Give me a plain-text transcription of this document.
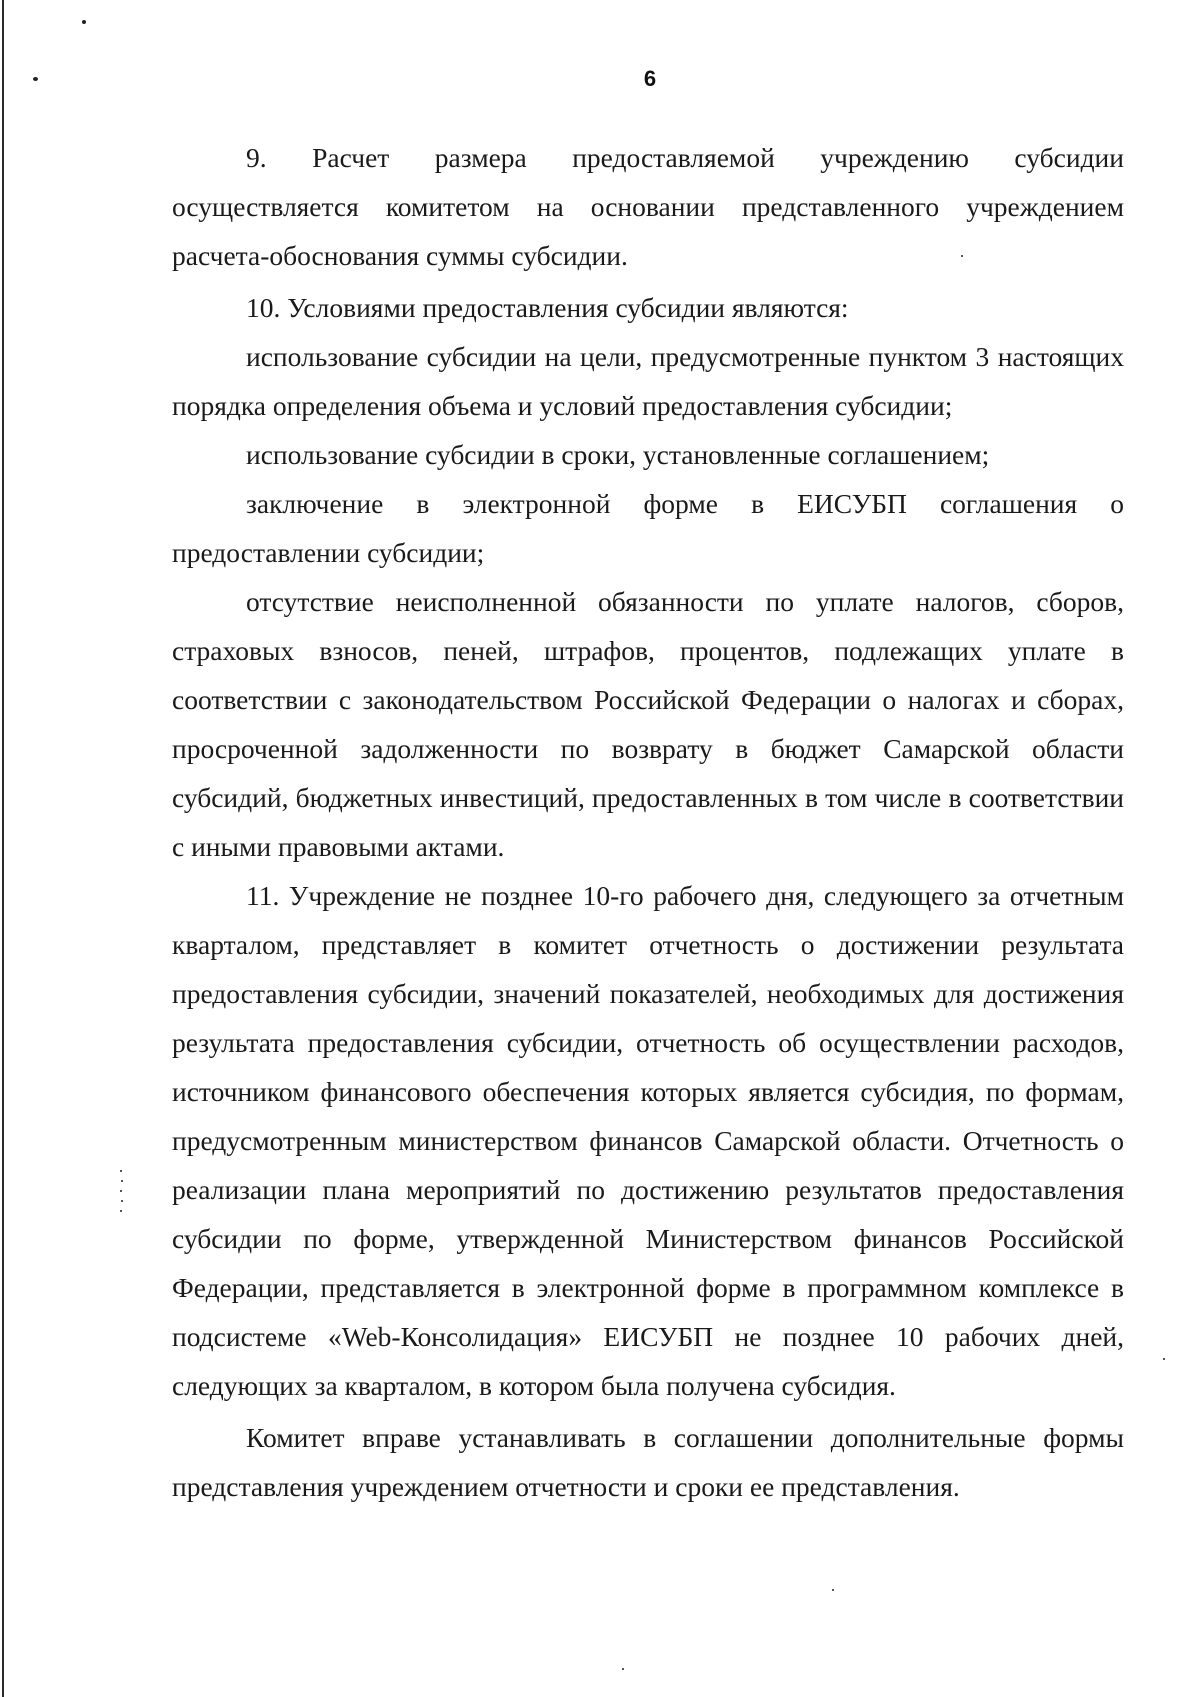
6

9. Расчет размера предоставляемой учреждению субсидии осуществляется комитетом на основании представленного учреждением расчета-обоснования суммы субсидии.

10. Условиями предоставления субсидии являются:

использование субсидии на цели, предусмотренные пунктом 3 настоящих порядка определения объема и условий предоставления субсидии;

использование субсидии в сроки, установленные соглашением;

заключение в электронной форме в ЕИСУБП соглашения о предоставлении субсидии;

отсутствие неисполненной обязанности по уплате налогов, сборов, страховых взносов, пеней, штрафов, процентов, подлежащих уплате в соответствии с законодательством Российской Федерации о налогах и сборах, просроченной задолженности по возврату в бюджет Самарской области субсидий, бюджетных инвестиций, предоставленных в том числе в соответствии с иными правовыми актами.

11. Учреждение не позднее 10-го рабочего дня, следующего за отчетным кварталом, представляет в комитет отчетность о достижении результата предоставления субсидии, значений показателей, необходимых для достижения результата предоставления субсидии, отчетность об осуществлении расходов, источником финансового обеспечения которых является субсидия, по формам, предусмотренным министерством финансов Самарской области. Отчетность о реализации плана мероприятий по достижению результатов предоставления субсидии по форме, утвержденной Министерством финансов Российской Федерации, представляется в электронной форме в программном комплексе в подсистеме «Web-Консолидация» ЕИСУБП не позднее 10 рабочих дней, следующих за кварталом, в котором была получена субсидия.

Комитет вправе устанавливать в соглашении дополнительные формы представления учреждением отчетности и сроки ее представления.
